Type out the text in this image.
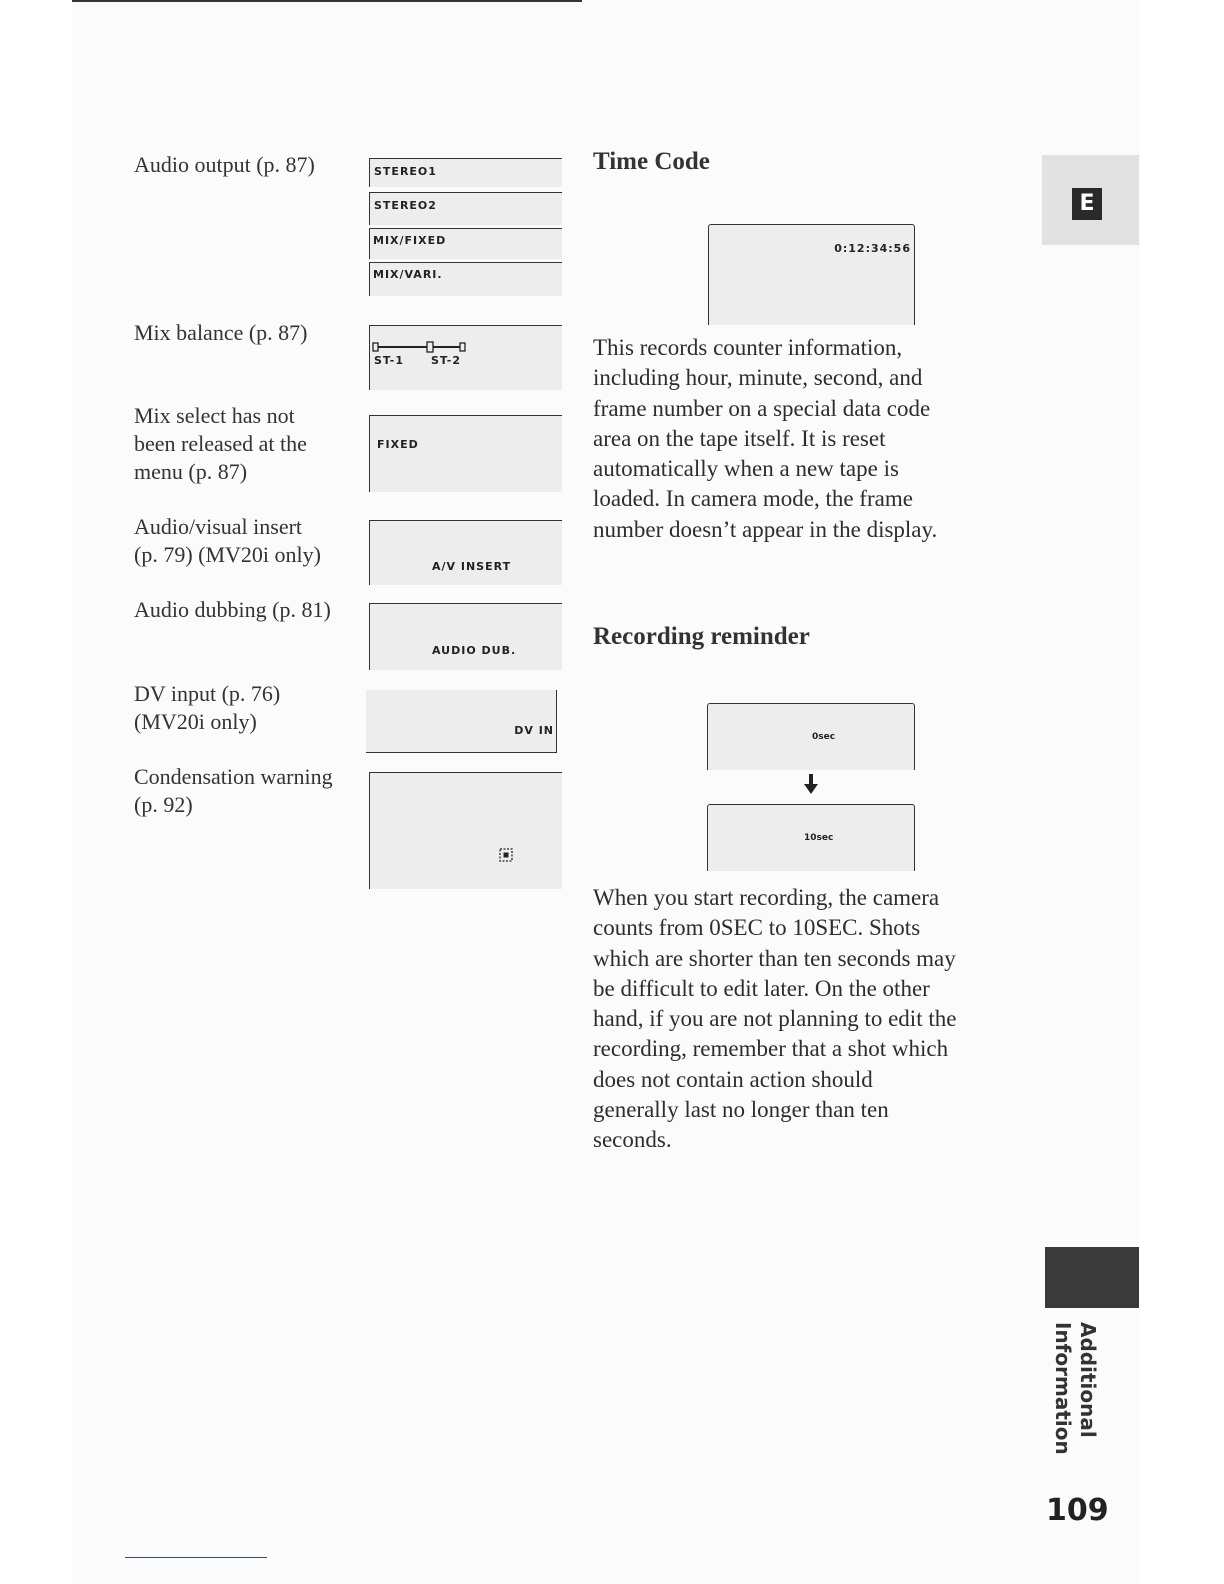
Audio output (p. 87)
Mix balance (p. 87)
Mix select has not
been released at the
menu (p. 87)
Audio/visual insert
(p. 79) (MV20i only)
Audio dubbing (p. 81)
DV input (p. 76)
(MV20i only)
Condensation warning
(p. 92)
STEREO1
STEREO2
MIX/FIXED
MIX/VARI.
ST-1 ST-2
FIXED
A/V INSERT
AUDIO DUB.
DV IN
Time Code
0:12:34:56
This records counter information,
including hour, minute, second, and
frame number on a special data code
area on the tape itself. It is reset
automatically when a new tape is
loaded. In camera mode, the frame
number doesn’t appear in the display.
Recording reminder
0sec
10sec
When you start recording, the camera
counts from 0SEC to 10SEC. Shots
which are shorter than ten seconds may
be difficult to edit later. On the other
hand, if you are not planning to edit the
recording, remember that a shot which
does not contain action should
generally last no longer than ten
seconds.
E
Additional
Information
109
